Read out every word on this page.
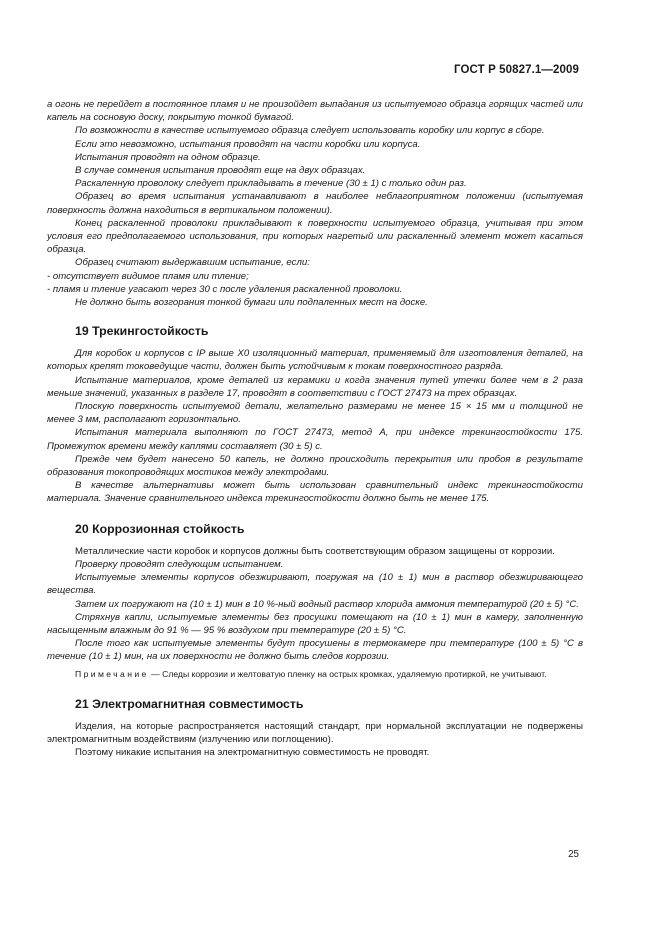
ГОСТ Р 50827.1—2009

а огонь не перейдет в постоянное пламя и не произойдет выпадания из испытуемого образца горящих частей или капель на сосновую доску, покрытую тонкой бумагой.

По возможности в качестве испытуемого образца следует использовать коробку или корпус в сборе.

Если это невозможно, испытания проводят на части коробки или корпуса.

Испытания проводят на одном образце.

В случае сомнения испытания проводят еще на двух образцах.

Раскаленную проволоку следует прикладывать в течение (30 ± 1) с только один раз.

Образец во время испытания устанавливают в наиболее неблагоприятном положении (испытуемая поверхность должна находиться в вертикальном положении).

Конец раскаленной проволоки прикладывают к поверхности испытуемого образца, учитывая при этом условия его предполагаемого использования, при которых нагретый или раскаленный элемент может касаться образца.

Образец считают выдержавшим испытание, если:

- отсутствует видимое пламя или тление;

- пламя и тление угасают через 30 с после удаления раскаленной проволоки.

Не должно быть возгорания тонкой бумаги или подпаленных мест на доске.

19 Трекингостойкость

Для коробок и корпусов с IP выше X0 изоляционный материал, применяемый для изготовления деталей, на которых крепят токоведущие части, должен быть устойчивым к токам поверхностного разряда.

Испытание материалов, кроме деталей из керамики и когда значения путей утечки более чем в 2 раза меньше значений, указанных в разделе 17, проводят в соответствии с ГОСТ 27473 на трех образцах.

Плоскую поверхность испытуемой детали, желательно размерами не менее 15 × 15 мм и толщиной не менее 3 мм, располагают горизонтально.

Испытания материала выполняют по ГОСТ 27473, метод А, при индексе трекингостойкости 175. Промежуток времени между каплями составляет (30 ± 5) с.

Прежде чем будет нанесено 50 капель, не должно происходить перекрытия или пробоя в результате образования токопроводящих мостиков между электродами.

В качестве альтернативы может быть использован сравнительный индекс трекингостойкости материала. Значение сравнительного индекса трекингостойкости должно быть не менее 175.

20 Коррозионная стойкость

Металлические части коробок и корпусов должны быть соответствующим образом защищены от коррозии.

Проверку проводят следующим испытанием.

Испытуемые элементы корпусов обезжиривают, погружая на (10 ± 1) мин в раствор обезжиривающего вещества.

Затем их погружают на (10 ± 1) мин в 10 %-ный водный раствор хлорида аммония температурой (20 ± 5) °С.

Стряхнув капли, испытуемые элементы без просушки помещают на (10 ± 1) мин в камеру, заполненную насыщенным влажным до 91 % — 95 % воздухом при температуре (20 ± 5) °С.

После того как испытуемые элементы будут просушены в термокамере при температуре (100 ± 5) °С в течение (10 ± 1) мин, на их поверхности не должно быть следов коррозии.

Примечание — Следы коррозии и желтоватую пленку на острых кромках, удаляемую протиркой, не учитывают.

21 Электромагнитная совместимость

Изделия, на которые распространяется настоящий стандарт, при нормальной эксплуатации не подвержены электромагнитным воздействиям (излучению или поглощению).

Поэтому никакие испытания на электромагнитную совместимость не проводят.

25
